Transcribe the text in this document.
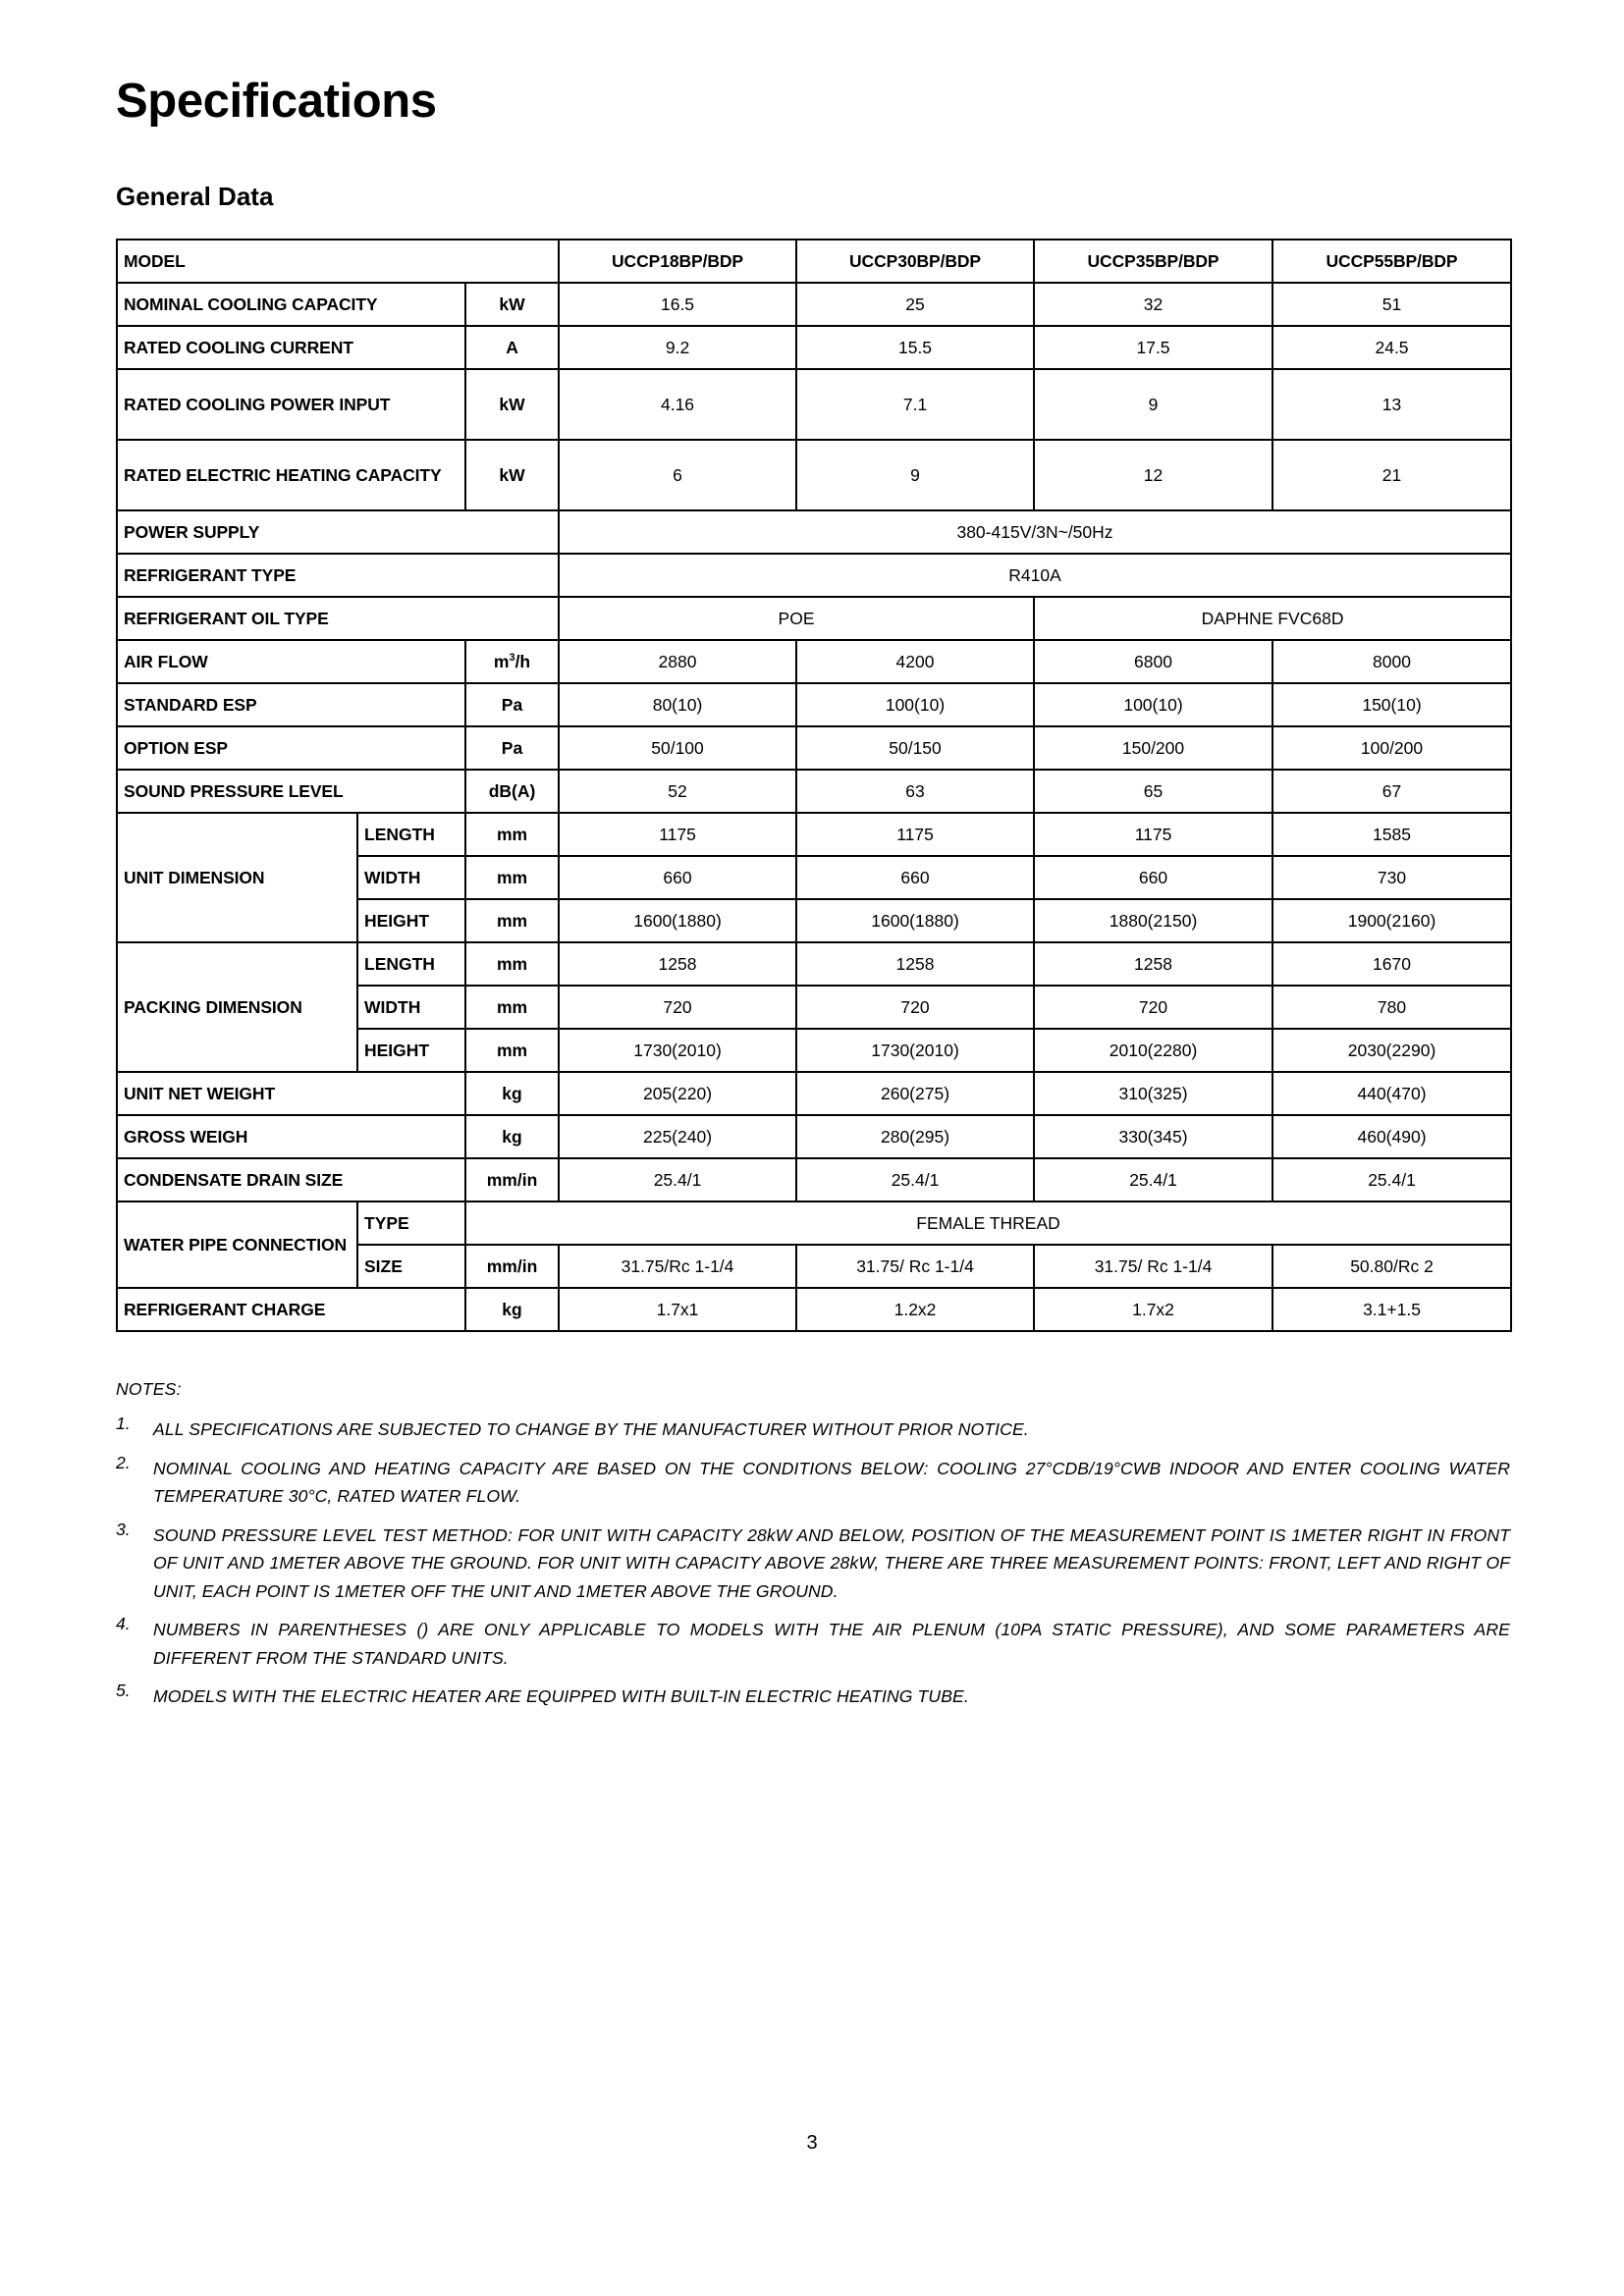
Specifications
General Data
MODEL			UCCP18BP/BDP	UCCP30BP/BDP	UCCP35BP/BDP	UCCP55BP/BDP
NOMINAL COOLING CAPACITY		kW	16.5	25	32	51
RATED COOLING CURRENT		A	9.2	15.5	17.5	24.5
RATED COOLING POWER INPUT		kW	4.16	7.1	9	13
RATED ELECTRIC HEATING CAPACITY		kW	6	9	12	21
POWER SUPPLY			380-415V/3N~/50Hz			
REFRIGERANT TYPE			R410A			
REFRIGERANT OIL TYPE			POE		DAPHNE FVC68D	
AIR FLOW		$m^3/h$	2880	4200	6800	8000
STANDARD ESP		Pa	80(10)	100(10)	100(10)	150(10)
OPTION ESP		Pa	50/100	50/150	150/200	100/200
SOUND PRESSURE LEVEL		dB(A)	52	63	65	67
UNIT DIMENSION	LENGTH	mm	1175	1175	1175	1585
	WIDTH	mm	660	660	660	730
	HEIGHT	mm	1600(1880)	1600(1880)	1880(2150)	1900(2160)
PACKING DIMENSION	LENGTH	mm	1258	1258	1258	1670
	WIDTH	mm	720	720	720	780
	HEIGHT	mm	1730(2010)	1730(2010)	2010(2280)	2030(2290)
UNIT NET WEIGHT		kg	205(220)	260(275)	310(325)	440(470)
GROSS WEIGH		kg	225(240)	280(295)	330(345)	460(490)
CONDENSATE DRAIN SIZE		mm/in	25.4/1	25.4/1	25.4/1	25.4/1
WATER PIPE CONNECTION	TYPE	FEMALE THREAD				
	SIZE	mm/in	31.75/Rc 1-1/4	31.75/ Rc 1-1/4	31.75/ Rc 1-1/4	50.80/Rc 2
REFRIGERANT CHARGE		kg	1.7x1	1.2x2	1.7x2	3.1+1.5
NOTES:
1.	ALL SPECIFICATIONS ARE SUBJECTED TO CHANGE BY THE MANUFACTURER WITHOUT PRIOR NOTICE.
2.	NOMINAL COOLING AND HEATING CAPACITY ARE BASED ON THE CONDITIONS BELOW: COOLING 27°CDB/19°CWB INDOOR AND ENTER COOLING WATER TEMPERATURE 30°C, RATED WATER FLOW.
3.	SOUND PRESSURE LEVEL TEST METHOD: FOR UNIT WITH CAPACITY 28kW AND BELOW, POSITION OF THE MEASUREMENT POINT IS 1METER RIGHT IN FRONT OF UNIT AND 1METER ABOVE THE GROUND. FOR UNIT WITH CAPACITY ABOVE 28kW, THERE ARE THREE MEASUREMENT POINTS: FRONT, LEFT AND RIGHT OF UNIT, EACH POINT IS 1METER OFF THE UNIT AND 1METER ABOVE THE GROUND.
4.	NUMBERS IN PARENTHESES () ARE ONLY APPLICABLE TO MODELS WITH THE AIR PLENUM (10PA STATIC PRESSURE), AND SOME PARAMETERS ARE DIFFERENT FROM THE STANDARD UNITS.
5.	MODELS WITH THE ELECTRIC HEATER ARE EQUIPPED WITH BUILT-IN ELECTRIC HEATING TUBE.
3
